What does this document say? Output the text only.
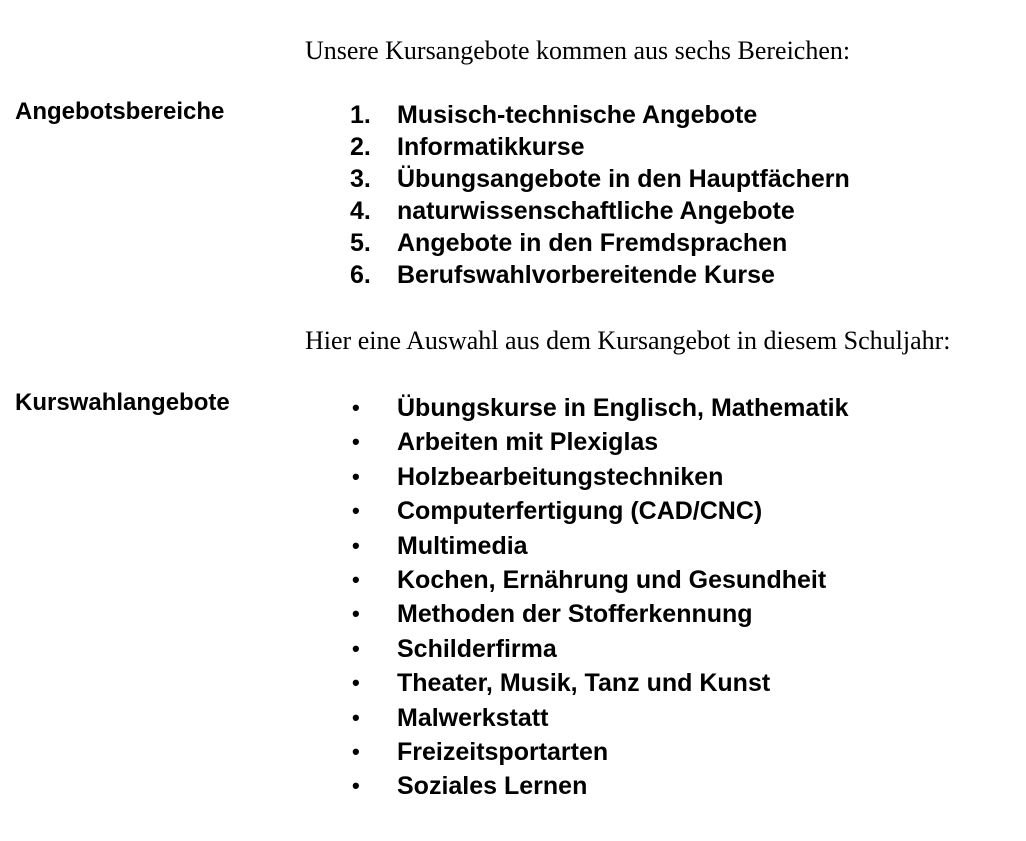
Unsere Kursangebote kommen aus sechs Bereichen:
Angebotsbereiche	1. Musisch-technische Angebote
2. Informatikkurse
3. Übungsangebote in den Hauptfächern
4. naturwissenschaftliche Angebote
5. Angebote in den Fremdsprachen
6. Berufswahlvorbereitende Kurse
Hier eine Auswahl aus dem Kursangebot in diesem Schuljahr:
Kurswahlangebote	• Übungskurse in Englisch, Mathematik
• Arbeiten mit Plexiglas
• Holzbearbeitungstechniken
• Computerfertigung (CAD/CNC)
• Multimedia
• Kochen, Ernährung und Gesundheit
• Methoden der Stofferkennung
• Schilderfirma
• Theater, Musik, Tanz und Kunst
• Malwerkstatt
• Freizeitsportarten
• Soziales Lernen
